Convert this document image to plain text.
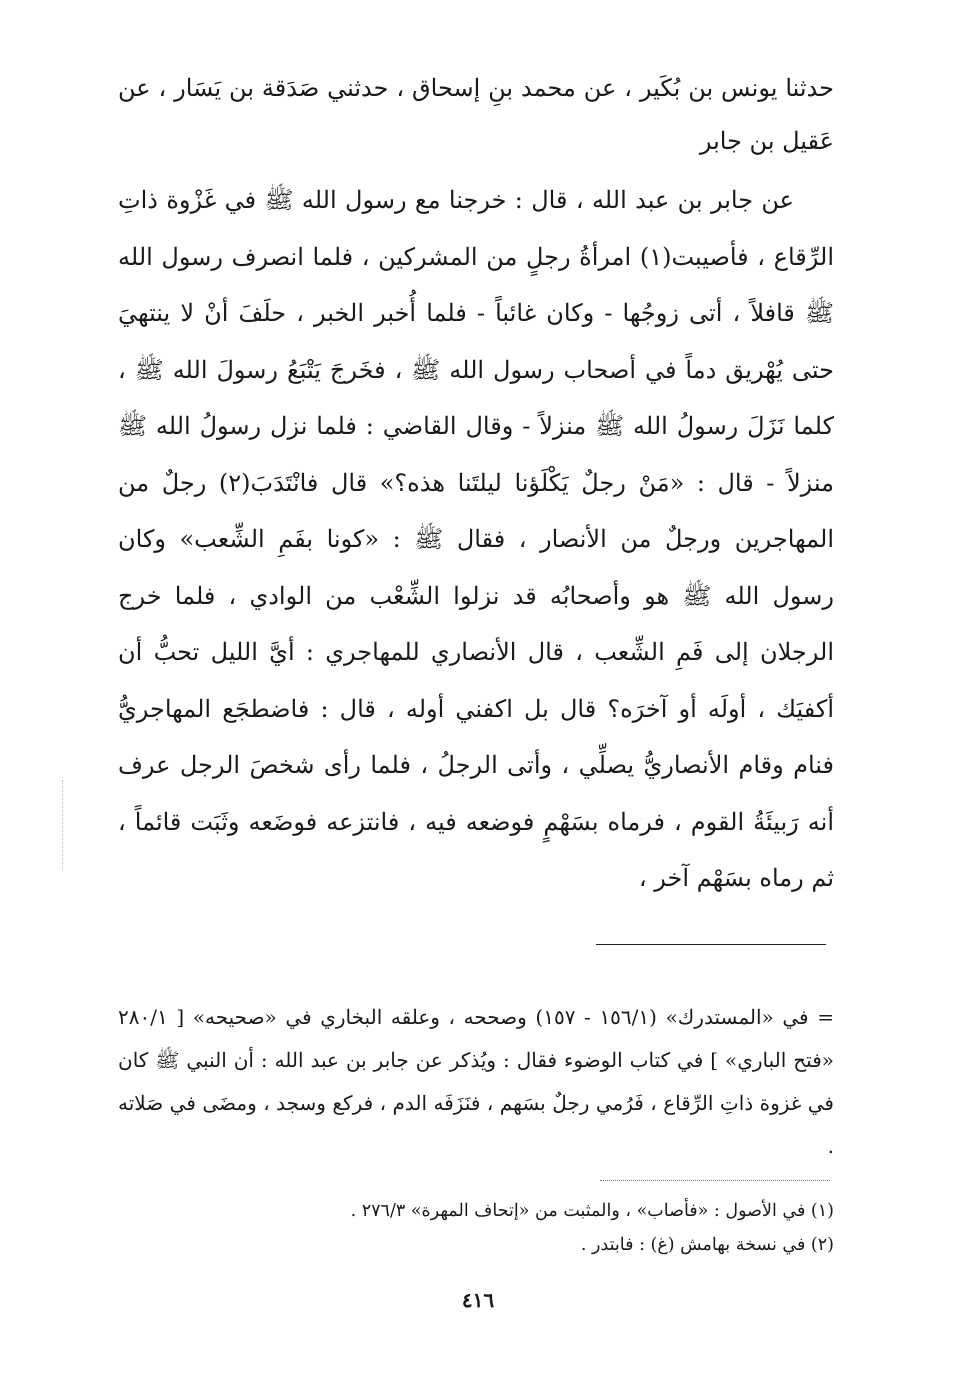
حدثنا يونس بن بُكَير ، عن محمد بنِ إسحاق ، حدثني صَدَقة بن يَسَار ، عن عَقيل بن جابر

عن جابر بن عبد الله ، قال : خرجنا مع رسول الله ﷺ في غَزْوة ذاتِ الرِّقاع ، فأصيبت(١) امرأةُ رجلٍ من المشركين ، فلما انصرف رسول الله ﷺ قافلاً ، أتى زوجُها - وكان غائباً - فلما أُخبر الخبر ، حلَفَ أنْ لا ينتهيَ حتى يُهْريق دماً في أصحاب رسول الله ﷺ ، فخَرجَ يَتْبَعُ رسولَ الله ﷺ ، كلما نَزَلَ رسولُ الله ﷺ منزلاً - وقال القاضي : فلما نزل رسولُ الله ﷺ منزلاً - قال : «مَنْ رجلٌ يَكْلَؤنا ليلتَنا هذه؟» قال فانْتَدَبَ(٢) رجلٌ من المهاجرين ورجلٌ من الأنصار ، فقال ﷺ : «كونا بفَمِ الشِّعب» وكان رسول الله ﷺ هو وأصحابُه قد نزلوا الشِّعْب من الوادي ، فلما خرج الرجلان إلى فَمِ الشِّعب ، قال الأنصاري للمهاجري : أيَّ الليل تحبُّ أن أكفيَك ، أولَه أو آخرَه؟ قال بل اكفني أوله ، قال : فاضطجَع المهاجريُّ فنام وقام الأنصاريُّ يصلِّي ، وأتى الرجلُ ، فلما رأى شخصَ الرجل عرف أنه رَبيئَةُ القوم ، فرماه بسَهْمٍ فوضعه فيه ، فانتزعه فوضَعه وثَبَت قائماً ، ثم رماه بسَهْم آخر ،

= في «المستدرك» (١٥٦/١ - ١٥٧) وصححه ، وعلقه البخاري في «صحيحه» [ ٢٨٠/١ «فتح الباري» ] في كتاب الوضوء فقال : ويُذكر عن جابر بن عبد الله : أن النبي ﷺ كان في غزوة ذاتِ الرِّقاع ، فَرُمي رجلٌ بسَهم ، فنَزَفَه الدم ، فركع وسجد ، ومضَى في صَلاته .

(١) في الأصول : «فأصاب» ، والمثبت من «إتحاف المهرة» ٢٧٦/٣ .
(٢) في نسخة بهامش (غ) : فابتدر .
٤١٦
